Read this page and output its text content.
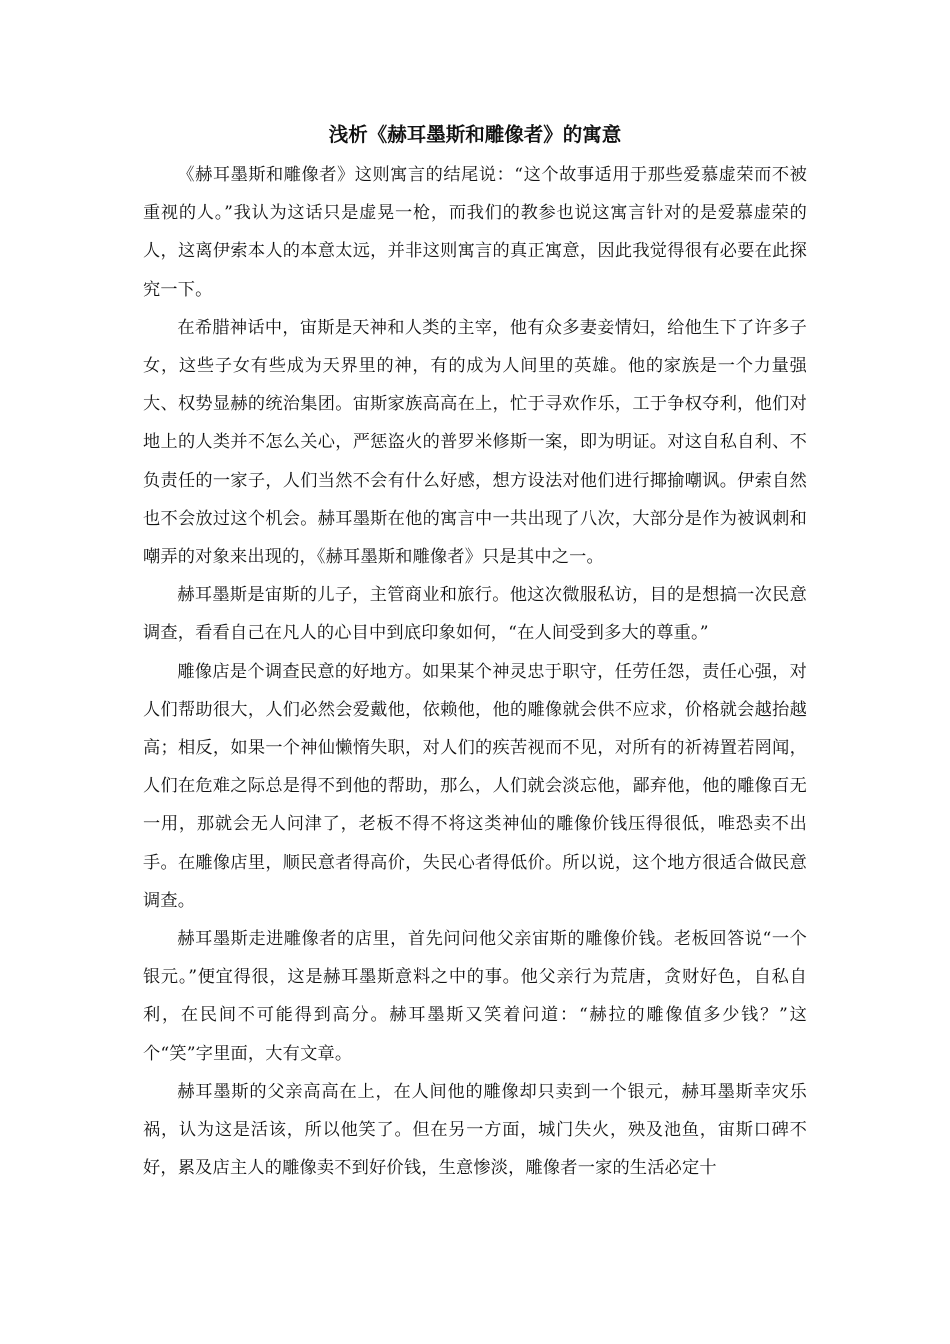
浅析《赫耳墨斯和雕像者》的寓意

《赫耳墨斯和雕像者》这则寓言的结尾说：“这个故事适用于那些爱慕虚荣而不被重视的人。”我认为这话只是虚晃一枪，而我们的教参也说这寓言针对的是爱慕虚荣的人，这离伊索本人的本意太远，并非这则寓言的真正寓意，因此我觉得很有必要在此探究一下。

在希腊神话中，宙斯是天神和人类的主宰，他有众多妻妾情妇，给他生下了许多子女，这些子女有些成为天界里的神，有的成为人间里的英雄。他的家族是一个力量强大、权势显赫的统治集团。宙斯家族高高在上，忙于寻欢作乐，工于争权夺利，他们对地上的人类并不怎么关心，严惩盗火的普罗米修斯一案，即为明证。对这自私自利、不负责任的一家子，人们当然不会有什么好感，想方设法对他们进行揶揄嘲讽。伊索自然也不会放过这个机会。赫耳墨斯在他的寓言中一共出现了八次，大部分是作为被讽刺和嘲弄的对象来出现的，《赫耳墨斯和雕像者》只是其中之一。

赫耳墨斯是宙斯的儿子，主管商业和旅行。他这次微服私访，目的是想搞一次民意调查，看看自己在凡人的心目中到底印象如何，“在人间受到多大的尊重。”

雕像店是个调查民意的好地方。如果某个神灵忠于职守，任劳任怨，责任心强，对人们帮助很大，人们必然会爱戴他，依赖他，他的雕像就会供不应求，价格就会越抬越高；相反，如果一个神仙懒惰失职，对人们的疾苦视而不见，对所有的祈祷置若罔闻，人们在危难之际总是得不到他的帮助，那么，人们就会淡忘他，鄙弃他，他的雕像百无一用，那就会无人问津了，老板不得不将这类神仙的雕像价钱压得很低，唯恐卖不出手。在雕像店里，顺民意者得高价，失民心者得低价。所以说，这个地方很适合做民意调查。

赫耳墨斯走进雕像者的店里，首先问问他父亲宙斯的雕像价钱。老板回答说“一个银元。”便宜得很，这是赫耳墨斯意料之中的事。他父亲行为荒唐，贪财好色，自私自利，在民间不可能得到高分。赫耳墨斯又笑着问道：“赫拉的雕像值多少钱？”这个“笑”字里面，大有文章。

赫耳墨斯的父亲高高在上，在人间他的雕像却只卖到一个银元，赫耳墨斯幸灾乐祸，认为这是活该，所以他笑了。但在另一方面，城门失火，殃及池鱼，宙斯口碑不好，累及店主人的雕像卖不到好价钱，生意惨淡，雕像者一家的生活必定十
